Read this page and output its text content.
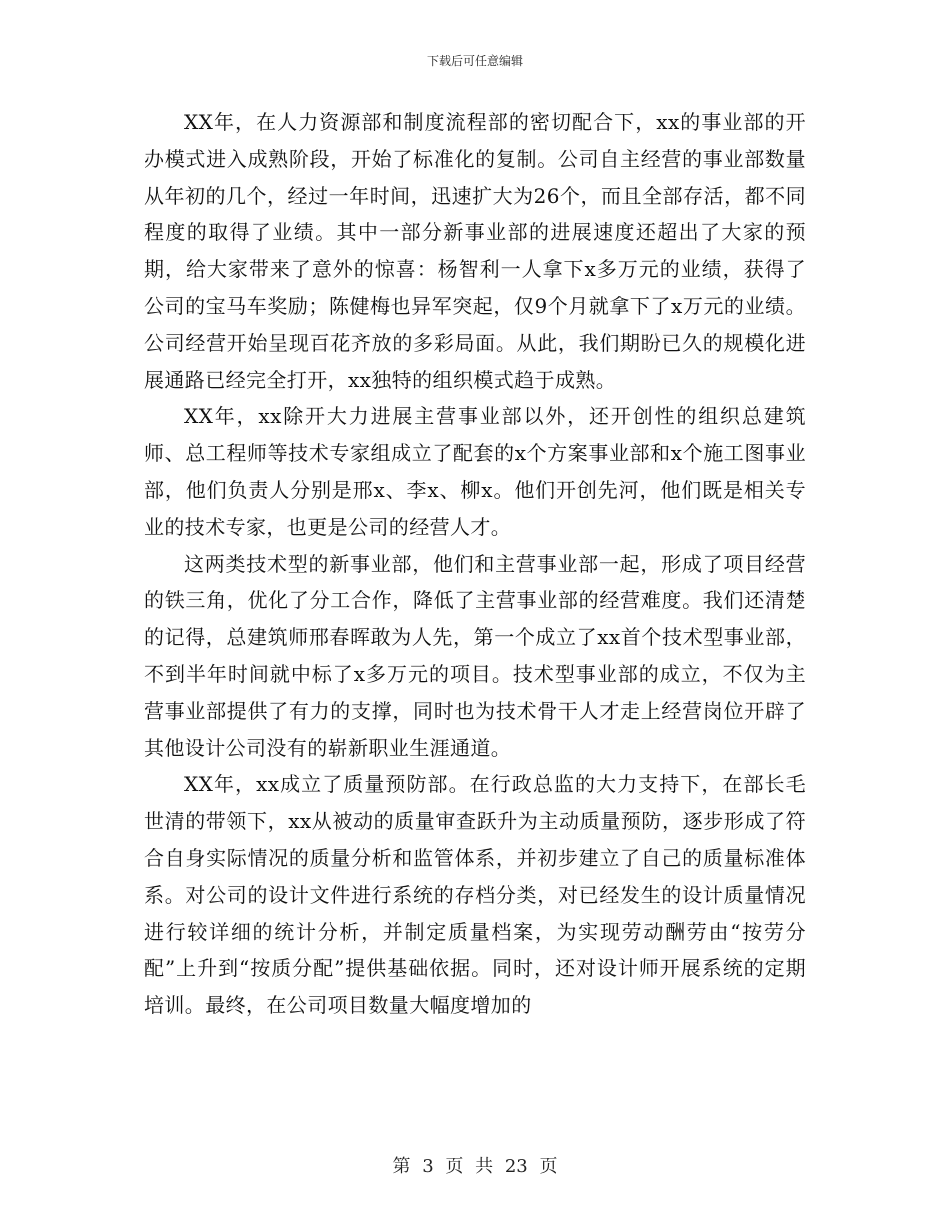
下载后可任意编辑

XX年，在人力资源部和制度流程部的密切配合下，xx的事业部的开办模式进入成熟阶段，开始了标准化的复制。公司自主经营的事业部数量从年初的几个，经过一年时间，迅速扩大为26个，而且全部存活，都不同程度的取得了业绩。其中一部分新事业部的进展速度还超出了大家的预期，给大家带来了意外的惊喜：杨智利一人拿下x多万元的业绩，获得了公司的宝马车奖励；陈健梅也异军突起，仅9个月就拿下了x万元的业绩。公司经营开始呈现百花齐放的多彩局面。从此，我们期盼已久的规模化进展通路已经完全打开，xx独特的组织模式趋于成熟。

XX年，xx除开大力进展主营事业部以外，还开创性的组织总建筑师、总工程师等技术专家组成立了配套的x个方案事业部和x个施工图事业部，他们负责人分别是邢x、李x、柳x。他们开创先河，他们既是相关专业的技术专家，也更是公司的经营人才。

这两类技术型的新事业部，他们和主营事业部一起，形成了项目经营的铁三角，优化了分工合作，降低了主营事业部的经营难度。我们还清楚的记得，总建筑师邢春晖敢为人先，第一个成立了xx首个技术型事业部，不到半年时间就中标了x多万元的项目。技术型事业部的成立，不仅为主营事业部提供了有力的支撑，同时也为技术骨干人才走上经营岗位开辟了其他设计公司没有的崭新职业生涯通道。

XX年，xx成立了质量预防部。在行政总监的大力支持下，在部长毛世清的带领下，xx从被动的质量审查跃升为主动质量预防，逐步形成了符合自身实际情况的质量分析和监管体系，并初步建立了自己的质量标准体系。对公司的设计文件进行系统的存档分类，对已经发生的设计质量情况进行较详细的统计分析，并制定质量档案，为实现劳动酬劳由“按劳分配”上升到“按质分配”提供基础依据。同时，还对设计师开展系统的定期培训。最终，在公司项目数量大幅度增加的

第 3 页 共 23 页
